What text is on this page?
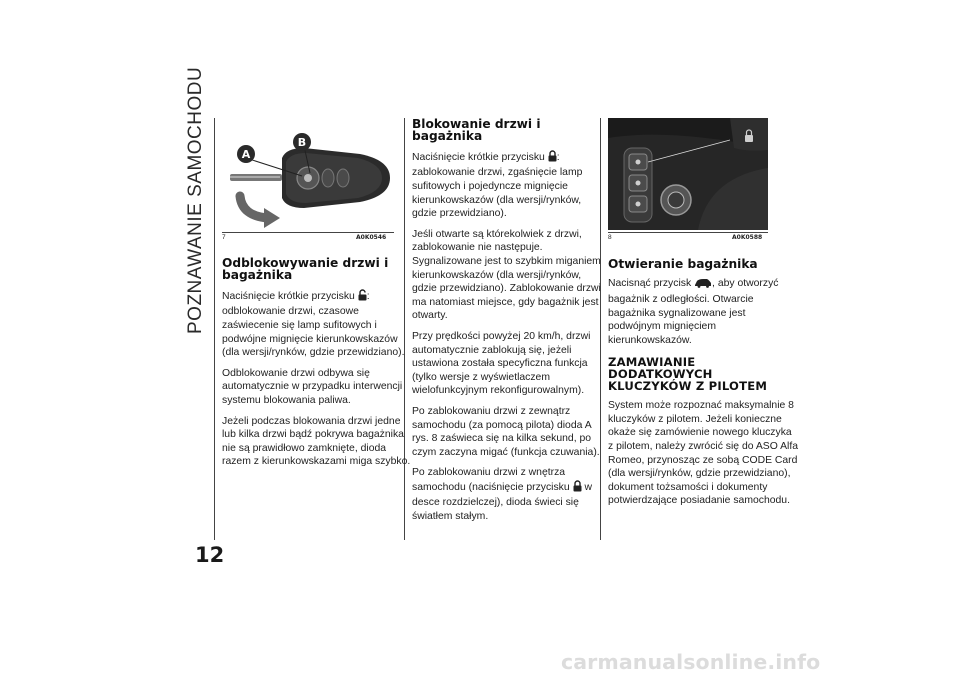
POZNAWANIE SAMOCHODU
12
A
B
7	A0K0546
Odblokowywanie drzwi i bagażnika

Naciśnięcie krótkie przycisku : odblokowanie drzwi, czasowe zaświecenie się lamp sufitowych i podwójne mignięcie kierunkowskazów (dla wersji/rynków, gdzie przewidziano).

Odblokowanie drzwi odbywa się automatycznie w przypadku interwencji systemu blokowania paliwa.

Jeżeli podczas blokowania drzwi jedne lub kilka drzwi bądź pokrywa bagażnika nie są prawidłowo zamknięte, dioda razem z kierunkowskazami miga szybko.

Blokowanie drzwi i bagażnika

Naciśnięcie krótkie przycisku : zablokowanie drzwi, zgaśnięcie lamp sufitowych i pojedyncze mignięcie kierunkowskazów (dla wersji/rynków, gdzie przewidziano).

Jeśli otwarte są którekolwiek z drzwi, zablokowanie nie następuje. Sygnalizowane jest to szybkim miganiem kierunkowskazów (dla wersji/rynków, gdzie przewidziano). Zablokowanie drzwi ma natomiast miejsce, gdy bagażnik jest otwarty.

Przy prędkości powyżej 20 km/h, drzwi automatycznie zablokują się, jeżeli ustawiona została specyficzna funkcja (tylko wersje z wyświetlaczem wielofunkcyjnym rekonfigurowalnym).

Po zablokowaniu drzwi z zewnątrz samochodu (za pomocą pilota) dioda A rys. 8 zaświeca się na kilka sekund, po czym zaczyna migać (funkcja czuwania).

Po zablokowaniu drzwi z wnętrza samochodu (naciśnięcie przycisku w desce rozdzielczej), dioda świeci się światłem stałym.

8	A0K0588
Otwieranie bagażnika

Nacisnąć przycisk , aby otworzyć bagażnik z odległości. Otwarcie bagażnika sygnalizowane jest podwójnym mignięciem kierunkowskazów.

ZAMAWIANIE DODATKOWYCH KLUCZYKÓW Z PILOTEM

System może rozpoznać maksymalnie 8 kluczyków z pilotem. Jeżeli konieczne okaże się zamówienie nowego kluczyka z pilotem, należy zwrócić się do ASO Alfa Romeo, przynosząc ze sobą CODE Card (dla wersji/rynków, gdzie przewidziano), dokument tożsamości i dokumenty potwierdzające posiadanie samochodu.

carmanualsonline.info
